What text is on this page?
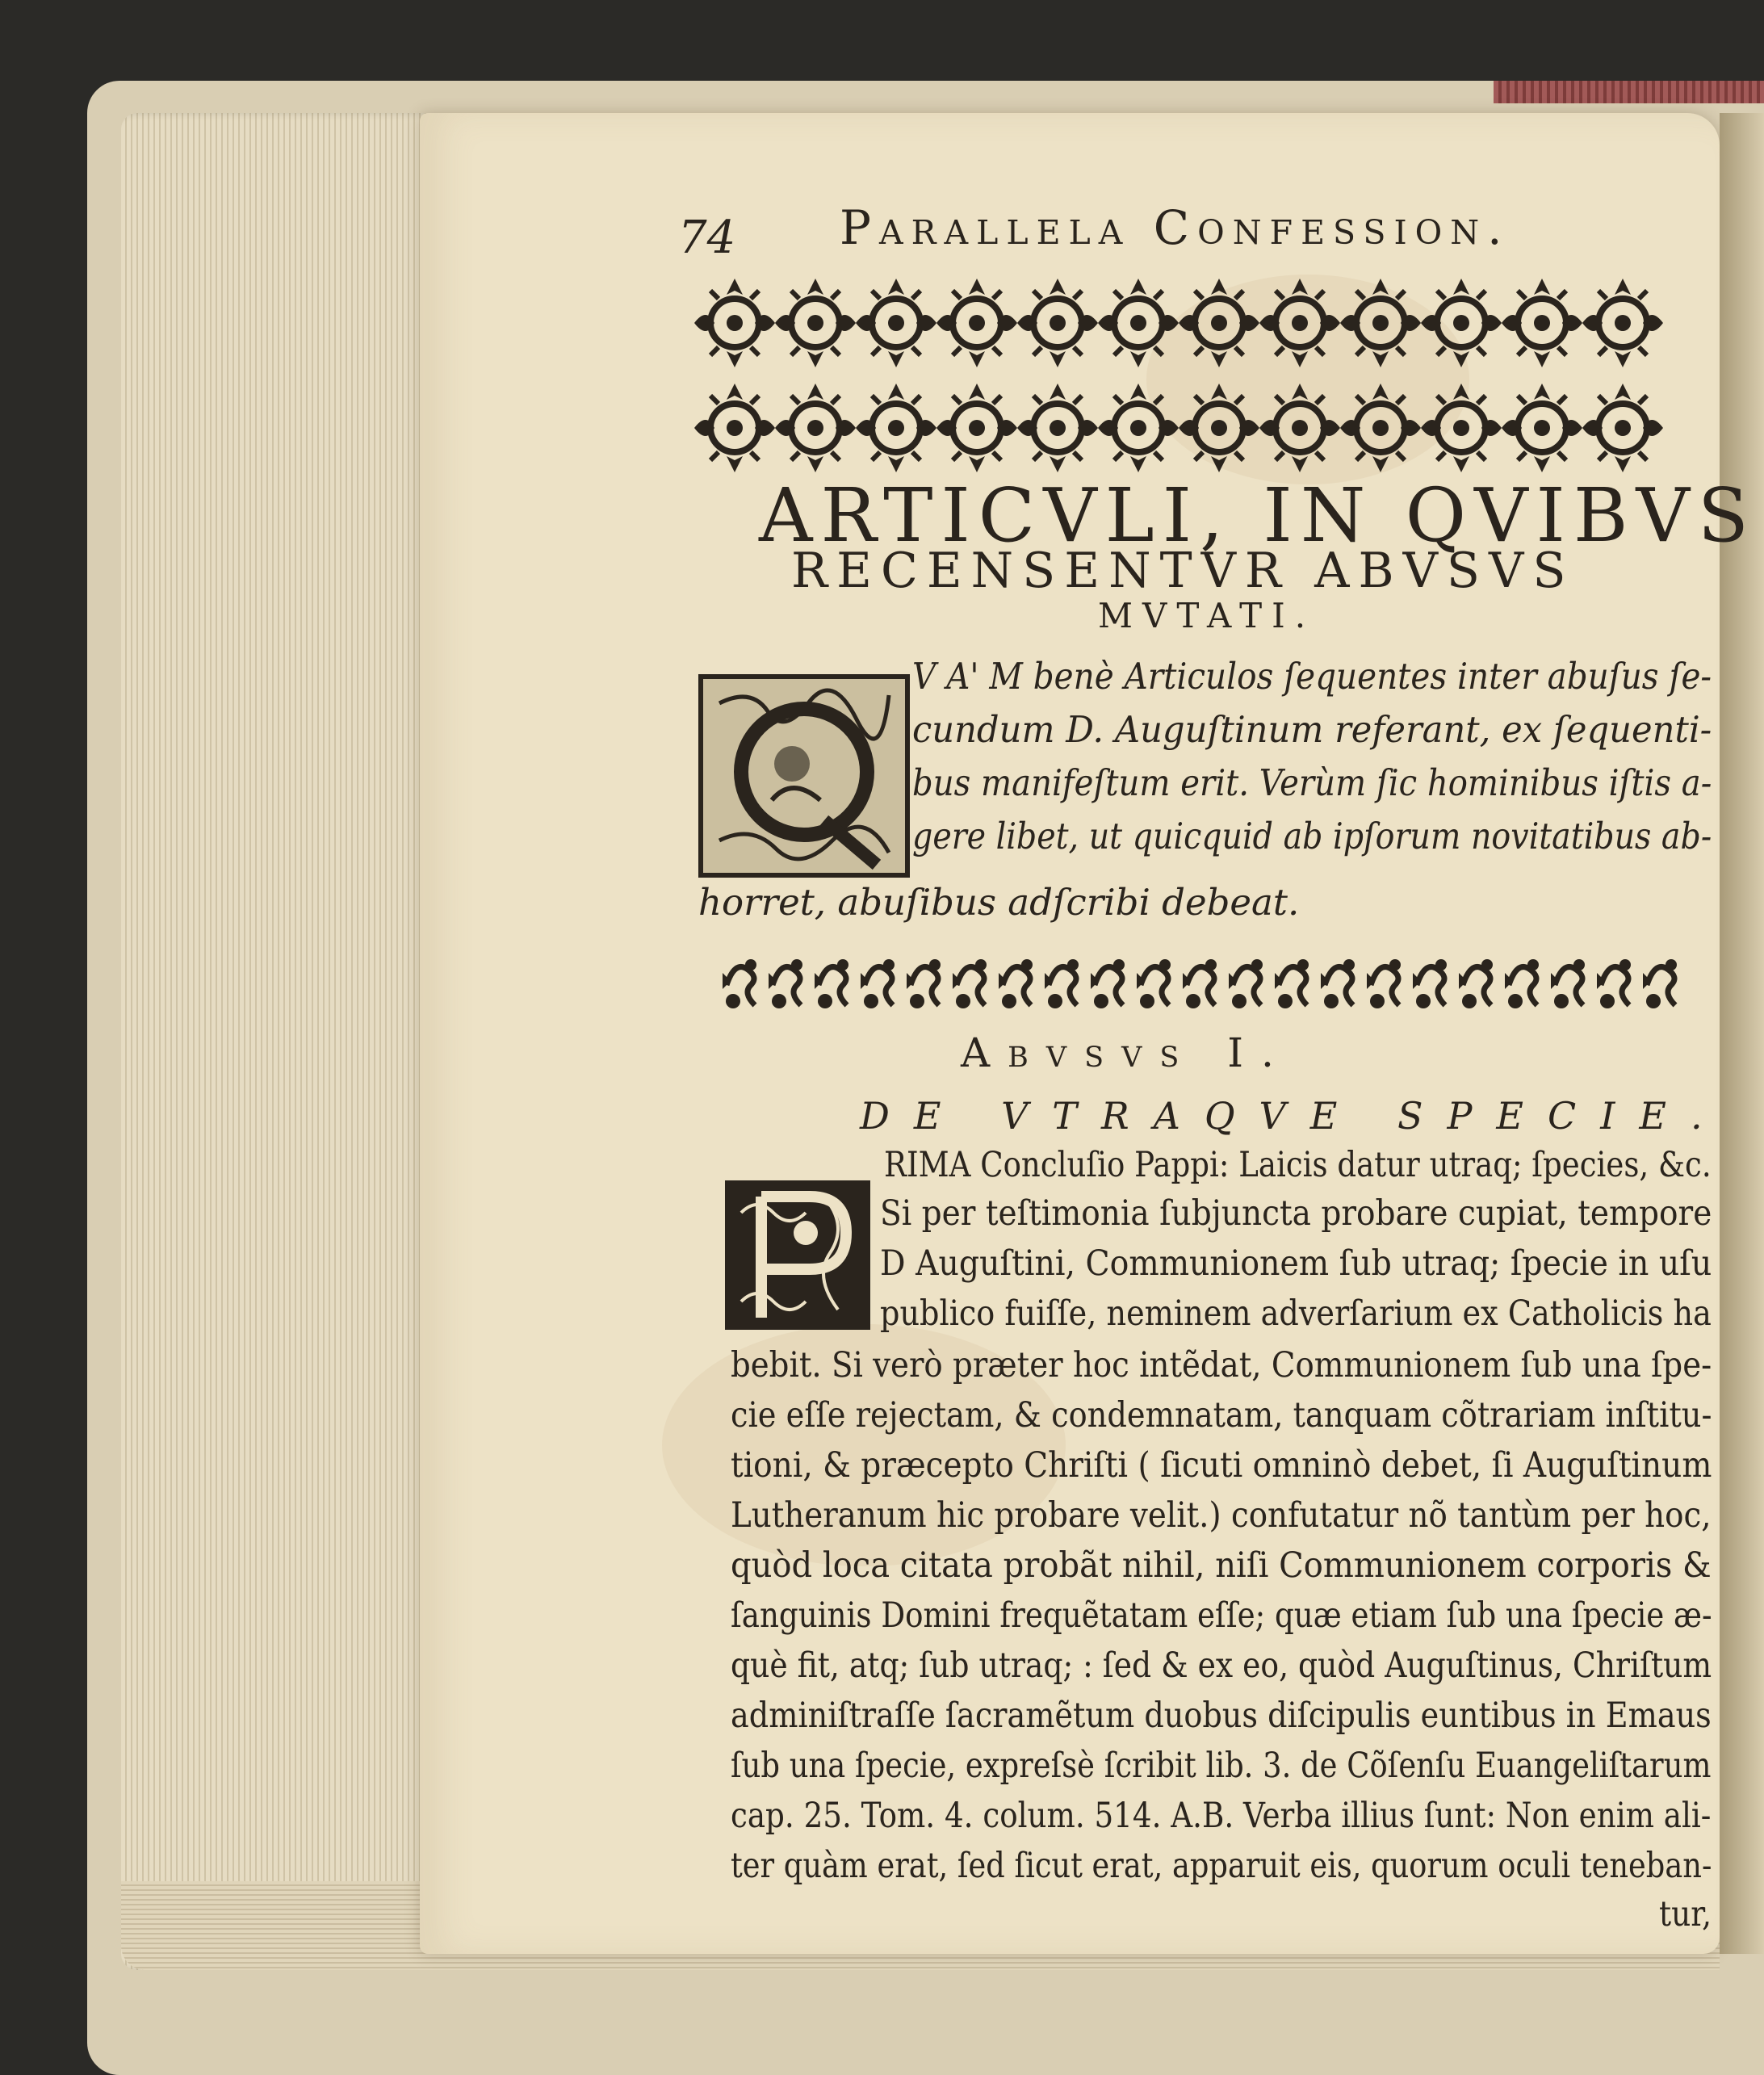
74 Parallela Confession.
ARTICVLI, IN QVIBVS
RECENSENTVR ABVSVS
MVTATI.
V A' M benè Articulos ſequentes inter abuſus ſe-
cundum D. Auguſtinum referant, ex ſequenti-
bus manifeſtum erit. Verùm ſic hominibus iſtis a-
gere libet, ut quicquid ab ipſorum novitatibus ab-
horret, abuſibus adſcribi debeat.
Abvsvs I.
DE VTRAQVE SPECIE.
RIMA Concluſio Pappi: Laicis datur utraq; ſpecies, &c.
Si per teſtimonia ſubjuncta probare cupiat, tempore
D Auguſtini, Communionem ſub utraq; ſpecie in uſu
publico fuiſſe, neminem adverſarium ex Catholicis ha
bebit. Si verò præter hoc intẽdat, Communionem ſub una ſpe-
cie eſſe rejectam, & condemnatam, tanquam cõtrariam inſtitu-
tioni, & præcepto Chriſti ( ſicuti omninò debet, ſi Auguſtinum
Lutheranum hic probare velit.) confutatur nõ tantùm per hoc,
quòd loca citata probãt nihil, niſi Communionem corporis &
ſanguinis Domini frequẽtatam eſſe; quæ etiam ſub una ſpecie æ-
què fit, atq; ſub utraq; : ſed & ex eo, quòd Auguſtinus, Chriſtum
adminiſtraſſe ſacramẽtum duobus diſcipulis euntibus in Emaus
ſub una ſpecie, expreſsè ſcribit lib. 3. de Cõſenſu Euangeliſtarum
cap. 25. Tom. 4. colum. 514. A.B. Verba illius ſunt: Non enim ali-
ter quàm erat, ſed ſicut erat, apparuit eis, quorum oculi teneban-
tur,
